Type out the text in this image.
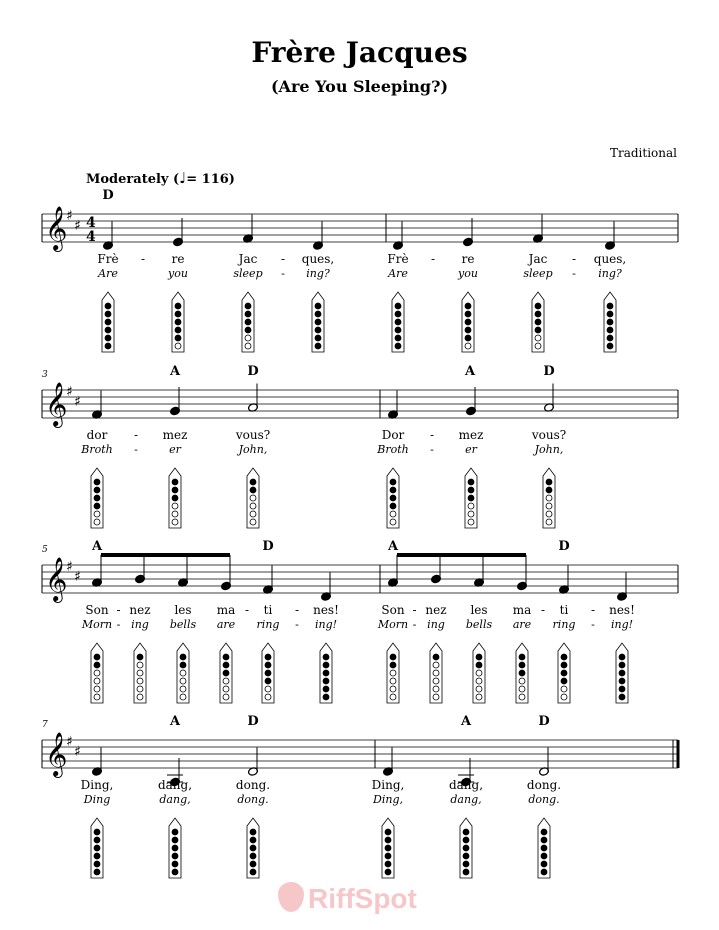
Frère Jacques
(Are You Sleeping?)
Traditional
Moderately (♩= 116)
𝄞
♯
♯ 4
4
𝄞
♯
♯
𝄞
♯
♯
𝄞
♯
♯
D
Frè	re	Jac	ques,	Frè	re	Jac	ques,
Are	you	sleep	ing?	Are	you	sleep	ing?
-	-	-	-
-	-
3	A	D	A	D
dor	mez	vous?	Dor	mez	vous?
Broth	er	John,	Broth	er	John,
-	-
-	-
5	A	D	A	D
Son nez les ma ti	nes!	Son nez les ma ti	nes!
Morn ing bells are ring	ing!	Morn ing bells are ring	ing!
-	-	-	-	-	-
-	-	-	-
7	A	D	A	D
Ding,	dang,	dong.	Ding,	dang,	dong.
Ding	dang,	dong.	Ding,	dang,	dong.
RiffSpot
